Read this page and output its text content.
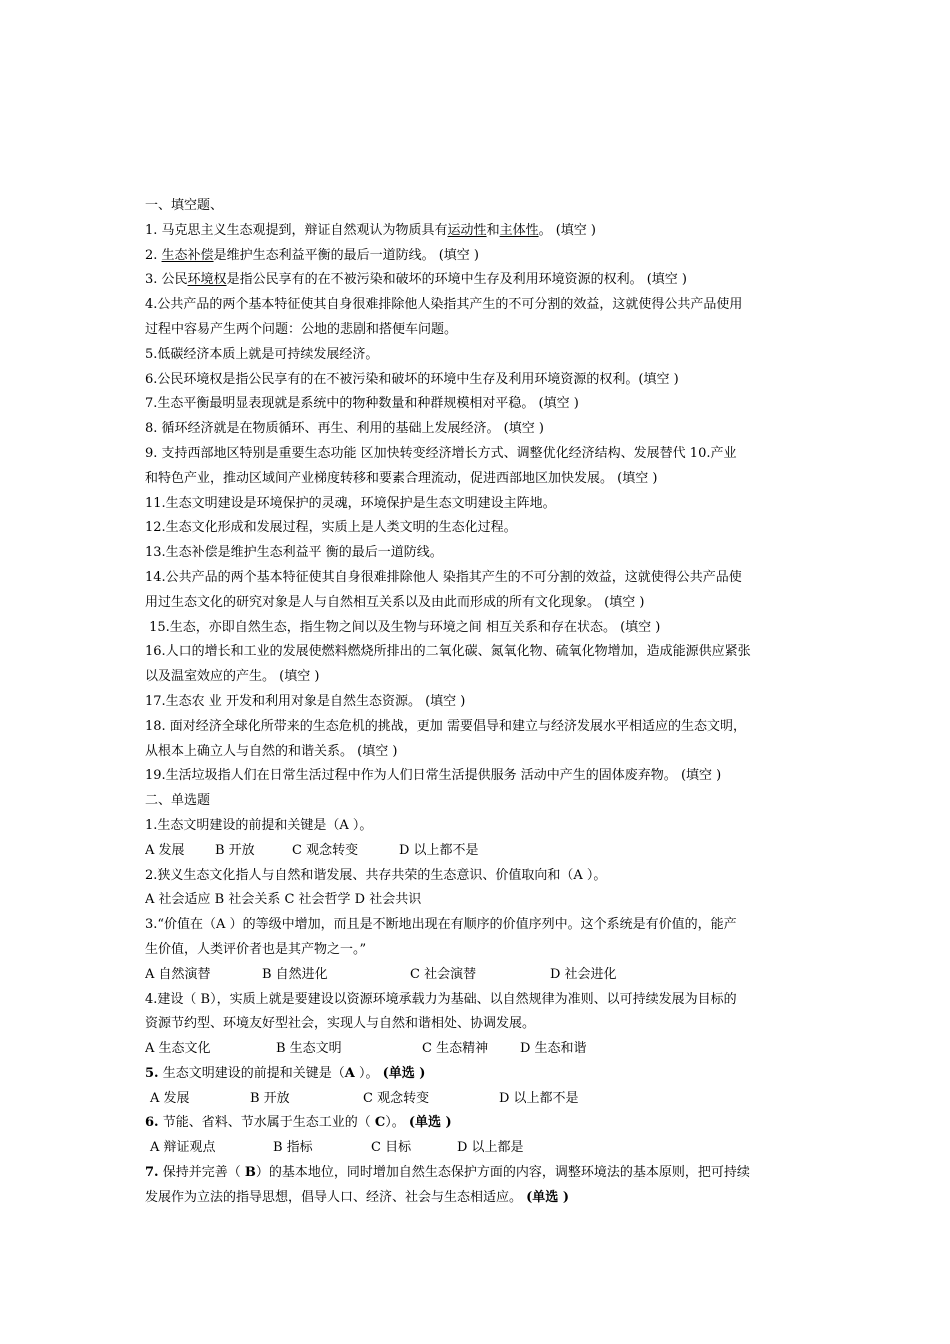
一、填空题、
1. 马克思主义生态观提到，辩证自然观认为物质具有运动性和主体性。 (填空 )
2. 生态补偿是维护生态利益平衡的最后一道防线。 (填空 )
3. 公民环境权是指公民享有的在不被污染和破坏的环境中生存及利用环境资源的权利。 (填空 )
4.公共产品的两个基本特征使其自身很难排除他人染指其产生的不可分割的效益，这就使得公共产品使用
过程中容易产生两个问题：公地的悲剧和搭便车问题。
5.低碳经济本质上就是可持续发展经济。
6.公民环境权是指公民享有的在不被污染和破坏的环境中生存及利用环境资源的权利。(填空 )
7.生态平衡最明显表现就是系统中的物种数量和种群规模相对平稳。 (填空 )
8. 循环经济就是在物质循环、再生、利用的基础上发展经济。 (填空 )
9. 支持西部地区特别是重要生态功能 区加快转变经济增长方式、调整优化经济结构、发展替代 10.产业
和特色产业，推动区域间产业梯度转移和要素合理流动，促进西部地区加快发展。 (填空 )
11.生态文明建设是环境保护的灵魂，环境保护是生态文明建设主阵地。
12.生态文化形成和发展过程，实质上是人类文明的生态化过程。
13.生态补偿是维护生态利益平 衡的最后一道防线。
14.公共产品的两个基本特征使其自身很难排除他人 染指其产生的不可分割的效益，这就使得公共产品使
用过生态文化的研究对象是人与自然相互关系以及由此而形成的所有文化现象。 (填空 )
15.生态，亦即自然生态，指生物之间以及生物与环境之间 相互关系和存在状态。 (填空 )
16.人口的增长和工业的发展使燃料燃烧所排出的二氧化碳、氮氧化物、硫氧化物增加，造成能源供应紧张
以及温室效应的产生。 (填空 )
17.生态农 业 开发和利用对象是自然生态资源。 (填空 )
18. 面对经济全球化所带来的生态危机的挑战，更加 需要倡导和建立与经济发展水平相适应的生态文明，
从根本上确立人与自然的和谐关系。 (填空 )
19.生活垃圾指人们在日常生活过程中作为人们日常生活提供服务 活动中产生的固体废弃物。 (填空 )
二、单选题
1.生态文明建设的前提和关键是（A ）。
A 发展 B 开放	C 观念转变	D 以上都不是
2.狭义生态文化指人与自然和谐发展、共存共荣的生态意识、价值取向和（A ）。
A 社会适应 B 社会关系 C 社会哲学 D 社会共识
3.“价值在（A ）的等级中增加，而且是不断地出现在有顺序的价值序列中。这个系统是有价值的，能产
生价值，人类评价者也是其产物之一。”
A 自然演替	B 自然进化	C 社会演替	D 社会进化
4.建设（ B），实质上就是要建设以资源环境承载力为基础、以自然规律为准则、以可持续发展为目标的
资源节约型、环境友好型社会，实现人与自然和谐相处、协调发展。
A 生态文化	B 生态文明	C 生态精神 D 生态和谐
5. 生态文明建设的前提和关键是（A ）。 (单选 )
A 发展	B 开放	C 观念转变	D 以上都不是
6. 节能、省料、节水属于生态工业的（ C）。 (单选 )
A 辩证观点	B 指标	C 目标	D 以上都是
7. 保持并完善（ B）的基本地位，同时增加自然生态保护方面的内容，调整环境法的基本原则，把可持续
发展作为立法的指导思想，倡导人口、经济、社会与生态相适应。 (单选 )
